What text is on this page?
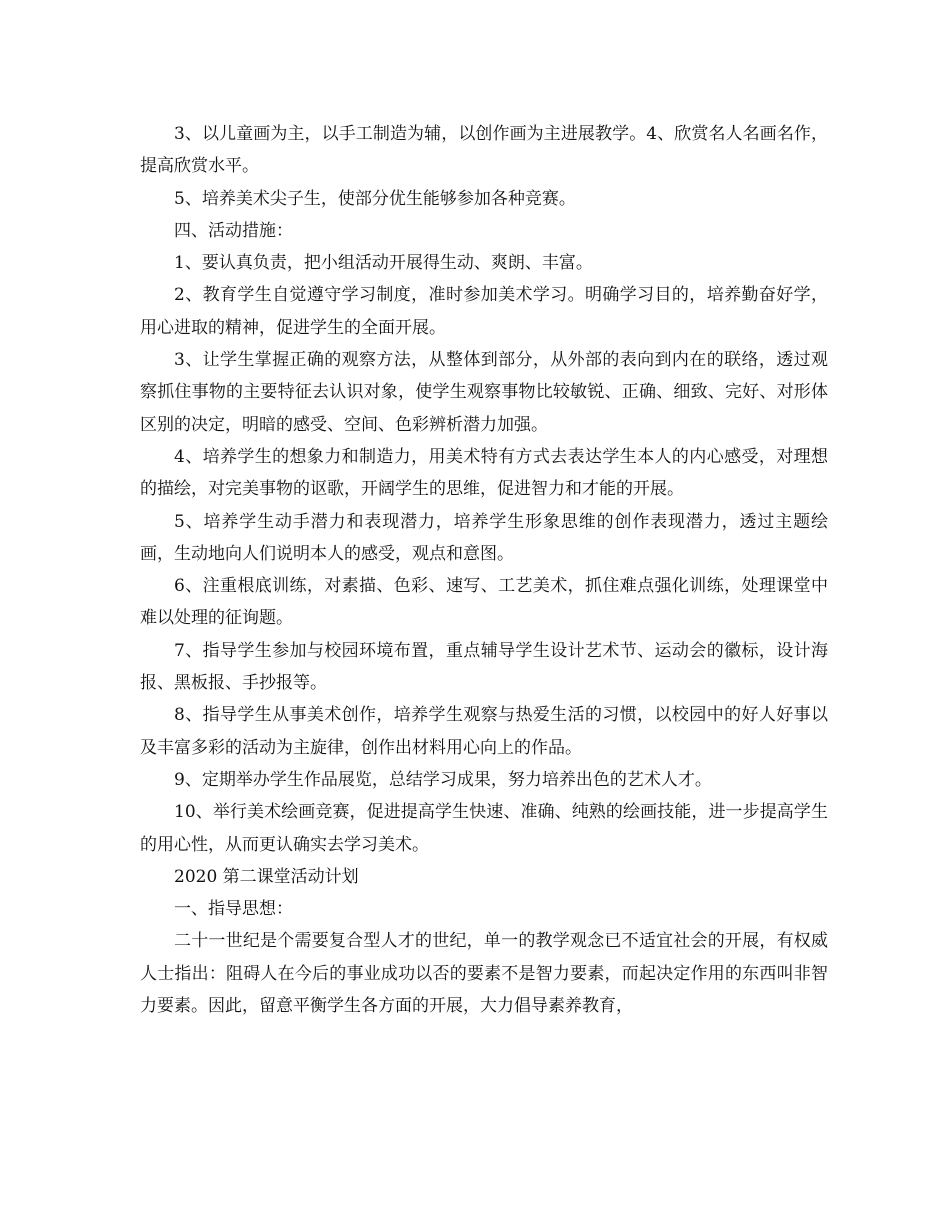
3、以儿童画为主，以手工制造为辅，以创作画为主进展教学。4、欣赏名人名画名作，提高欣赏水平。

5、培养美术尖子生，使部分优生能够参加各种竞赛。

四、活动措施：

1、要认真负责，把小组活动开展得生动、爽朗、丰富。

2、教育学生自觉遵守学习制度，准时参加美术学习。明确学习目的，培养勤奋好学，用心进取的精神，促进学生的全面开展。

3、让学生掌握正确的观察方法，从整体到部分，从外部的表向到内在的联络，透过观察抓住事物的主要特征去认识对象，使学生观察事物比较敏锐、正确、细致、完好、对形体区别的决定，明暗的感受、空间、色彩辨析潜力加强。

4、培养学生的想象力和制造力，用美术特有方式去表达学生本人的内心感受，对理想的描绘，对完美事物的讴歌，开阔学生的思维，促进智力和才能的开展。

5、培养学生动手潜力和表现潜力，培养学生形象思维的创作表现潜力，透过主题绘画，生动地向人们说明本人的感受，观点和意图。

6、注重根底训练，对素描、色彩、速写、工艺美术，抓住难点强化训练，处理课堂中难以处理的征询题。

7、指导学生参加与校园环境布置，重点辅导学生设计艺术节、运动会的徽标，设计海报、黑板报、手抄报等。

8、指导学生从事美术创作，培养学生观察与热爱生活的习惯，以校园中的好人好事以及丰富多彩的活动为主旋律，创作出材料用心向上的作品。

9、定期举办学生作品展览，总结学习成果，努力培养出色的艺术人才。

10、举行美术绘画竞赛，促进提高学生快速、准确、纯熟的绘画技能，进一步提高学生的用心性，从而更认确实去学习美术。

2020 第二课堂活动计划

一、指导思想：

二十一世纪是个需要复合型人才的世纪，单一的教学观念已不适宜社会的开展，有权威人士指出：阻碍人在今后的事业成功以否的要素不是智力要素，而起决定作用的东西叫非智力要素。因此，留意平衡学生各方面的开展，大力倡导素养教育，
